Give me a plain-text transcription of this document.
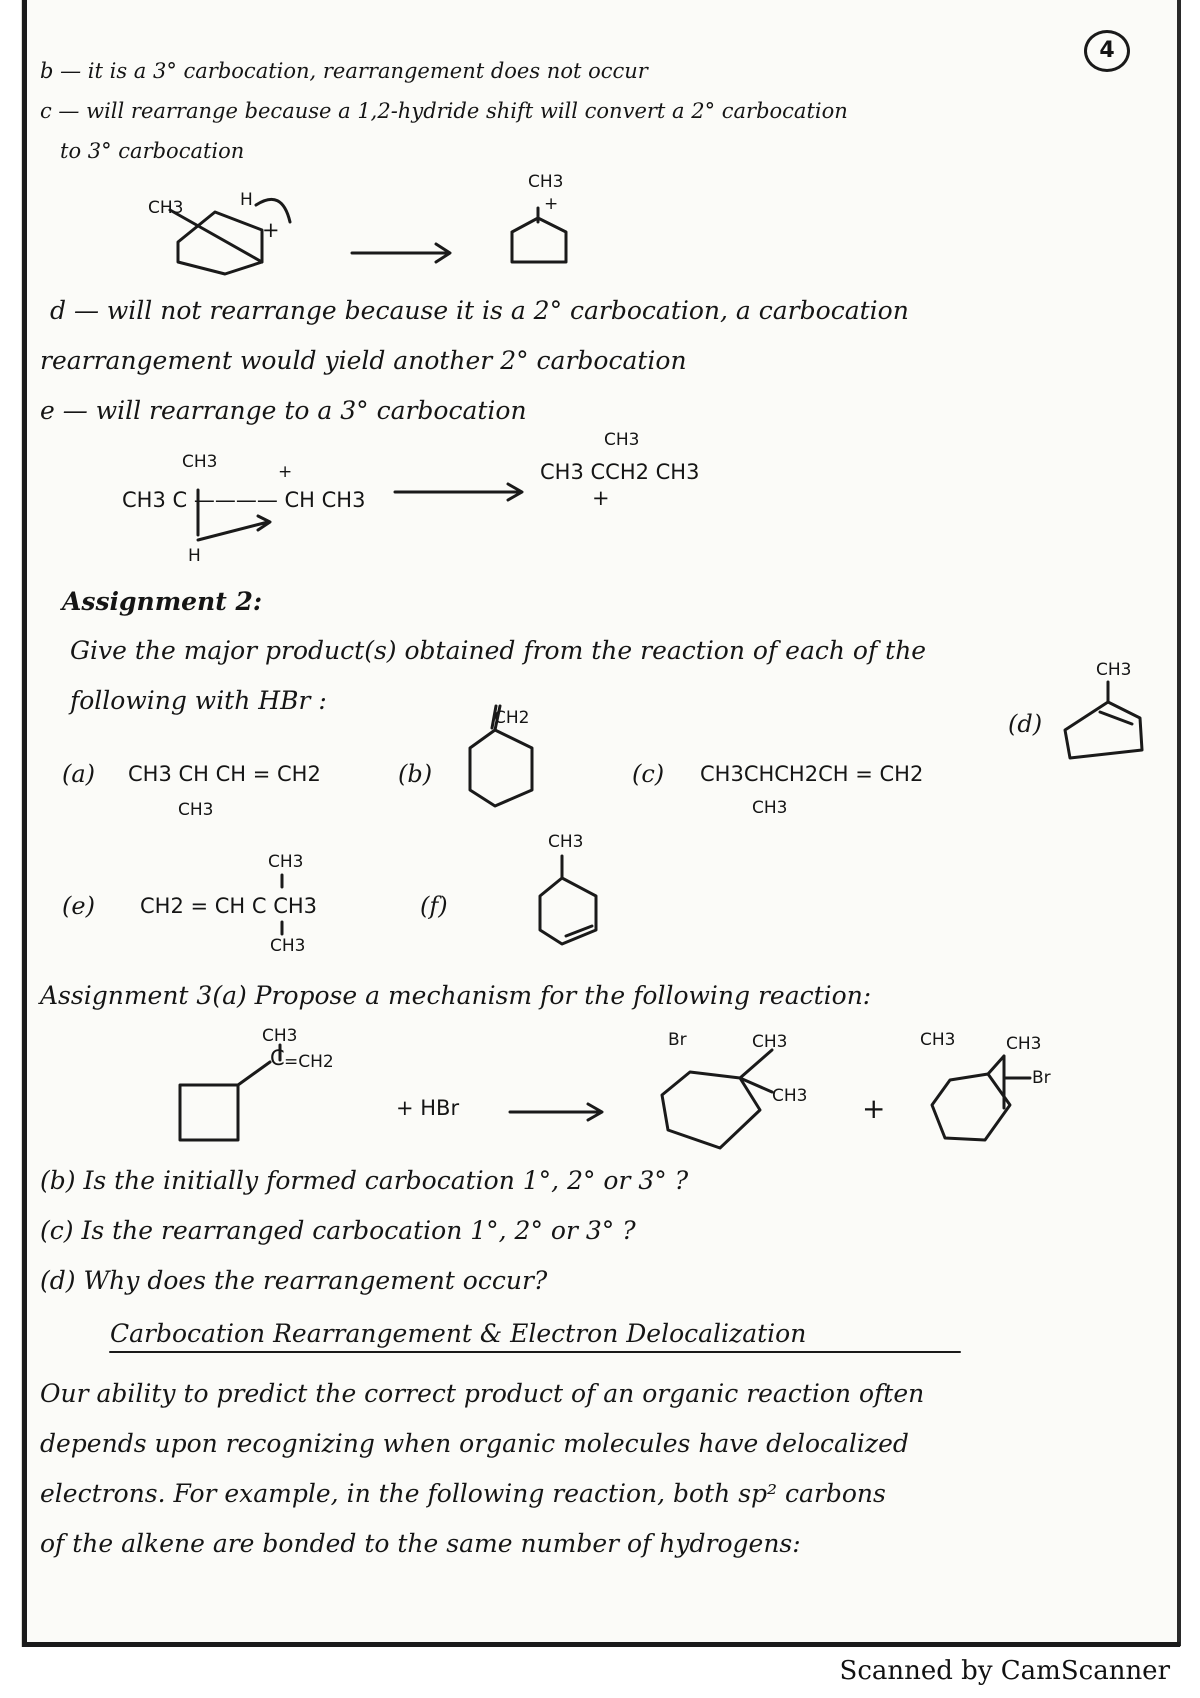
4
b — it is a 3° carbocation, rearrangement does not occur
c — will rearrange because a 1,2-hydride shift will convert a 2° carbocation
to 3° carbocation
CH3	H
+
CH3
+
d — will not rearrange because it is a 2° carbocation, a carbocation
rearrangement would yield another 2° carbocation
e — will rearrange to a 3° carbocation
CH3	+
CH3 C ———— CH CH3
H
CH3
CH3 CCH2 CH3
+
Assignment 2:
Give the major product(s) obtained from the reaction of each of the
following with HBr :
(a) CH3 CH CH = CH2
CH3
(b)
CH2
(c) CH3CHCH2CH = CH2
CH3
(d)
CH3
(e)
CH3
CH2 = CH C CH3
CH3
(f)
CH3
Assignment 3(a) Propose a mechanism for the following reaction:
CH3
C =CH2
+ HBr
Br	CH3
CH3 +
CH3	CH3
Br
(b) Is the initially formed carbocation 1°, 2° or 3° ?
(c) Is the rearranged carbocation 1°, 2° or 3° ?
(d) Why does the rearrangement occur?
Carbocation Rearrangement & Electron Delocalization
Our ability to predict the correct product of an organic reaction often
depends upon recognizing when organic molecules have delocalized
electrons. For example, in the following reaction, both sp² carbons
of the alkene are bonded to the same number of hydrogens:
Scanned by CamScanner
